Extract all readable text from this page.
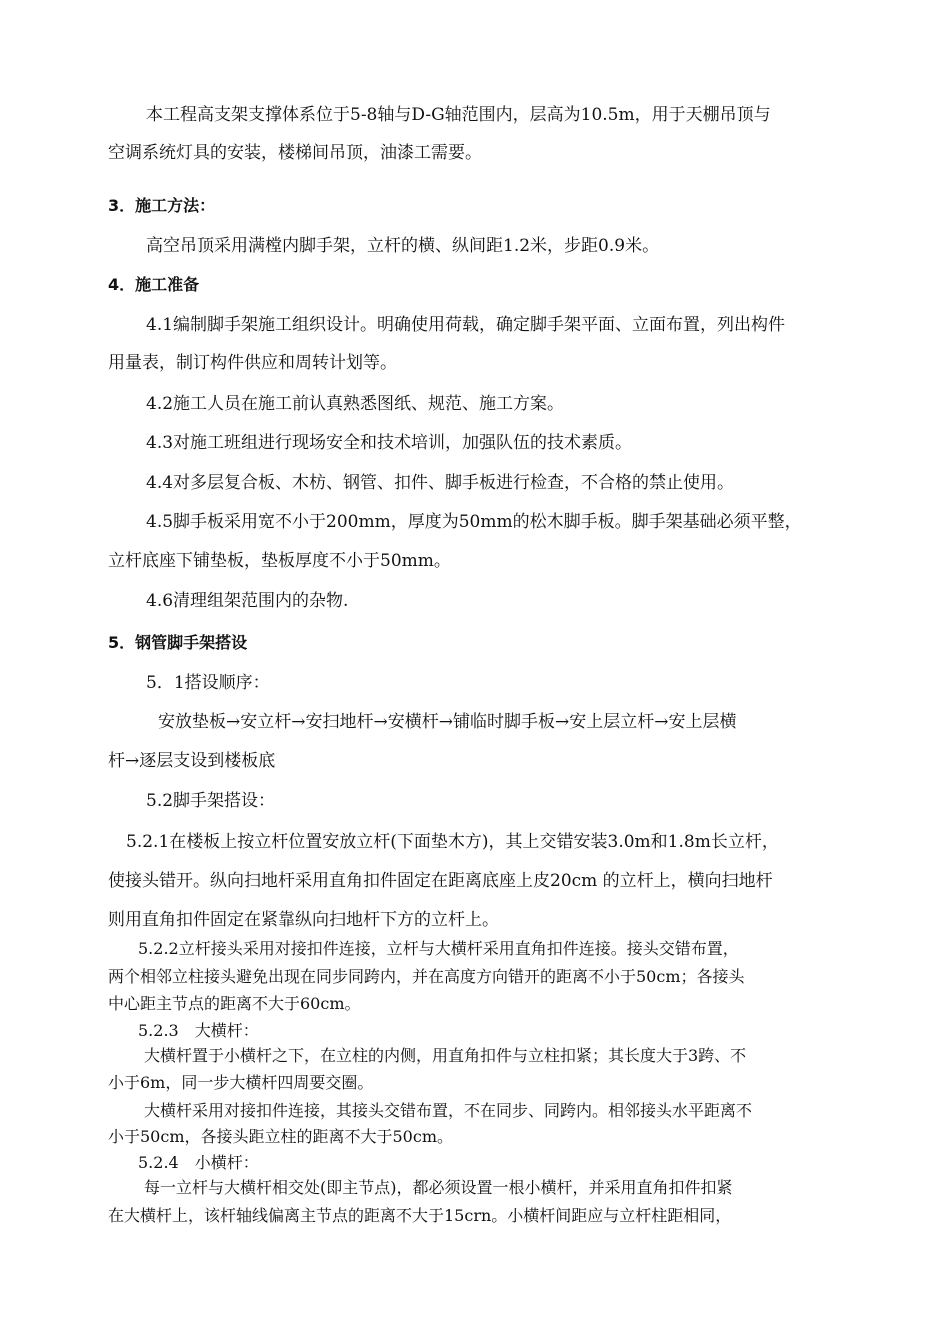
本工程高支架支撑体系位于5-8轴与D-G轴范围内，层高为10.5m，用于天棚吊顶与
空调系统灯具的安装，楼梯间吊顶，油漆工需要。
3．施工方法：
高空吊顶采用满樘内脚手架，立杆的横、纵间距1.2米，步距0.9米。
4．施工准备
4.1编制脚手架施工组织设计。明确使用荷载，确定脚手架平面、立面布置，列出构件
用量表，制订构件供应和周转计划等。
4.2施工人员在施工前认真熟悉图纸、规范、施工方案。
4.3对施工班组进行现场安全和技术培训，加强队伍的技术素质。
4.4对多层复合板、木枋、钢管、扣件、脚手板进行检查，不合格的禁止使用。
4.5脚手板采用宽不小于200mm，厚度为50mm的松木脚手板。脚手架基础必须平整，
立杆底座下铺垫板，垫板厚度不小于50mm。
4.6清理组架范围内的杂物.
5．钢管脚手架搭设
5．1搭设顺序：
安放垫板→安立杆→安扫地杆→安横杆→铺临时脚手板→安上层立杆→安上层横
杆→逐层支设到楼板底
5.2脚手架搭设：
5.2.1在楼板上按立杆位置安放立杆(下面垫木方)，其上交错安装3.0m和1.8m长立杆，
使接头错开。纵向扫地杆采用直角扣件固定在距离底座上皮20cm 的立杆上，横向扫地杆
则用直角扣件固定在紧靠纵向扫地杆下方的立杆上。
5.2.2立杆接头采用对接扣件连接，立杆与大横杆采用直角扣件连接。接头交错布置，
两个相邻立柱接头避免出现在同步同跨内，并在高度方向错开的距离不小于50cm；各接头
中心距主节点的距离不大于60cm。
5.2.3　大横杆：
大横杆置于小横杆之下，在立柱的内侧，用直角扣件与立柱扣紧；其长度大于3跨、不
小于6m，同一步大横杆四周要交圈。
大横杆采用对接扣件连接，其接头交错布置，不在同步、同跨内。相邻接头水平距离不
小于50cm，各接头距立柱的距离不大于50cm。
5.2.4　小横杆：
每一立杆与大横杆相交处(即主节点)，都必须设置一根小横杆，并采用直角扣件扣紧
在大横杆上，该杆轴线偏离主节点的距离不大于15crn。小横杆间距应与立杆柱距相同，
